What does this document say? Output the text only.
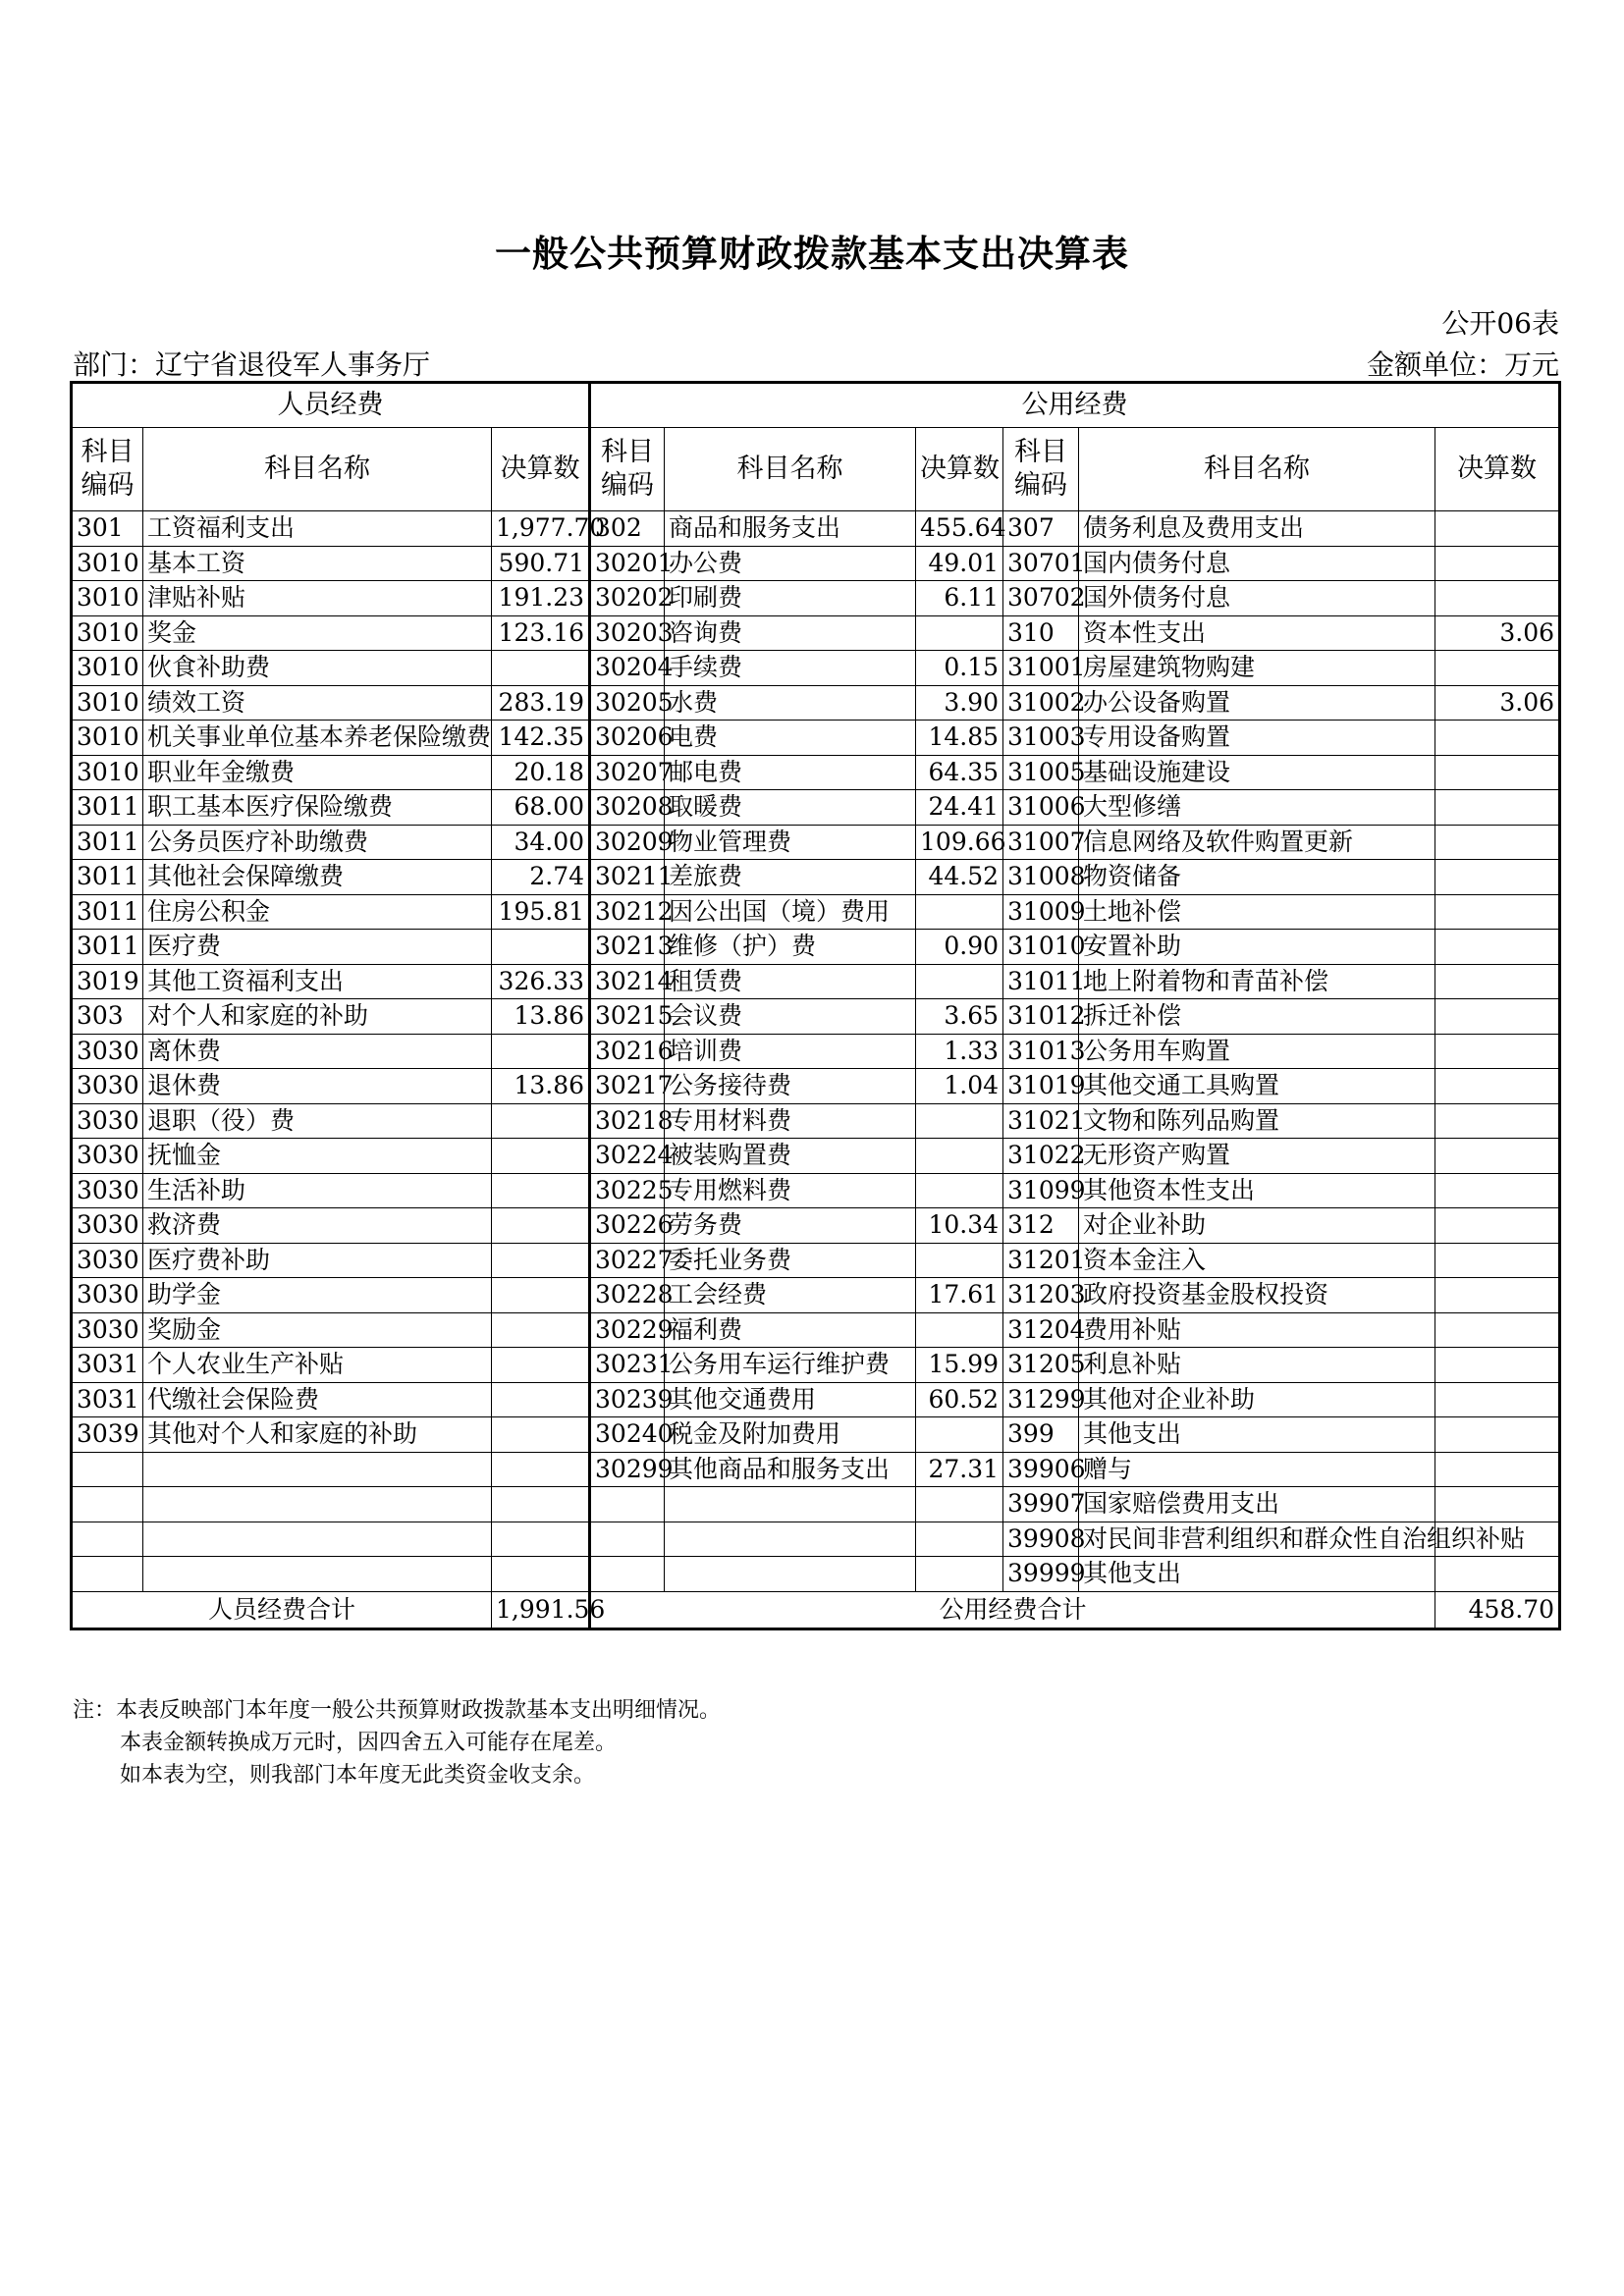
一般公共预算财政拨款基本支出决算表
公开06表
部门：辽宁省退役军人事务厅	金额单位：万元
人员经费			公用经费					
科目编码	科目名称	决算数	科目编码	科目名称	决算数	科目编码	科目名称	决算数
301	工资福利支出	1,977.70	302	商品和服务支出	455.64	307	债务利息及费用支出	
3010	基本工资	590.71	30201	办公费	49.01	30701	国内债务付息	
3010	津贴补贴	191.23	30202	印刷费	6.11	30702	国外债务付息	
3010	奖金	123.16	30203	咨询费		310	资本性支出	3.06
3010	伙食补助费		30204	手续费	0.15	31001	房屋建筑物购建	
3010	绩效工资	283.19	30205	水费	3.90	31002	办公设备购置	3.06
3010	机关事业单位基本养老保险缴费	142.35	30206	电费	14.85	31003	专用设备购置	
3010	职业年金缴费	20.18	30207	邮电费	64.35	31005	基础设施建设	
3011	职工基本医疗保险缴费	68.00	30208	取暖费	24.41	31006	大型修缮	
3011	公务员医疗补助缴费	34.00	30209	物业管理费	109.66	31007	信息网络及软件购置更新	
3011	其他社会保障缴费	2.74	30211	差旅费	44.52	31008	物资储备	
3011	住房公积金	195.81	30212	因公出国（境）费用		31009	土地补偿	
3011	医疗费		30213	维修（护）费	0.90	31010	安置补助	
3019	其他工资福利支出	326.33	30214	租赁费		31011	地上附着物和青苗补偿	
303	对个人和家庭的补助	13.86	30215	会议费	3.65	31012	拆迁补偿	
3030	离休费		30216	培训费	1.33	31013	公务用车购置	
3030	退休费	13.86	30217	公务接待费	1.04	31019	其他交通工具购置	
3030	退职（役）费		30218	专用材料费		31021	文物和陈列品购置	
3030	抚恤金		30224	被装购置费		31022	无形资产购置	
3030	生活补助		30225	专用燃料费		31099	其他资本性支出	
3030	救济费		30226	劳务费	10.34	312	对企业补助	
3030	医疗费补助		30227	委托业务费		31201	资本金注入	
3030	助学金		30228	工会经费	17.61	31203	政府投资基金股权投资	
3030	奖励金		30229	福利费		31204	费用补贴	
3031	个人农业生产补贴		30231	公务用车运行维护费	15.99	31205	利息补贴	
3031	代缴社会保险费		30239	其他交通费用	60.52	31299	其他对企业补助	
3039	其他对个人和家庭的补助		30240	税金及附加费用		399	其他支出	
			30299	其他商品和服务支出	27.31	39906	赠与	
						39907	国家赔偿费用支出	
						39908	对民间非营利组织和群众性自治组织补贴	
						39999	其他支出	
人员经费合计		1,991.56	公用经费合计					458.70
注：本表反映部门本年度一般公共预算财政拨款基本支出明细情况。
本表金额转换成万元时，因四舍五入可能存在尾差。
如本表为空，则我部门本年度无此类资金收支余。
